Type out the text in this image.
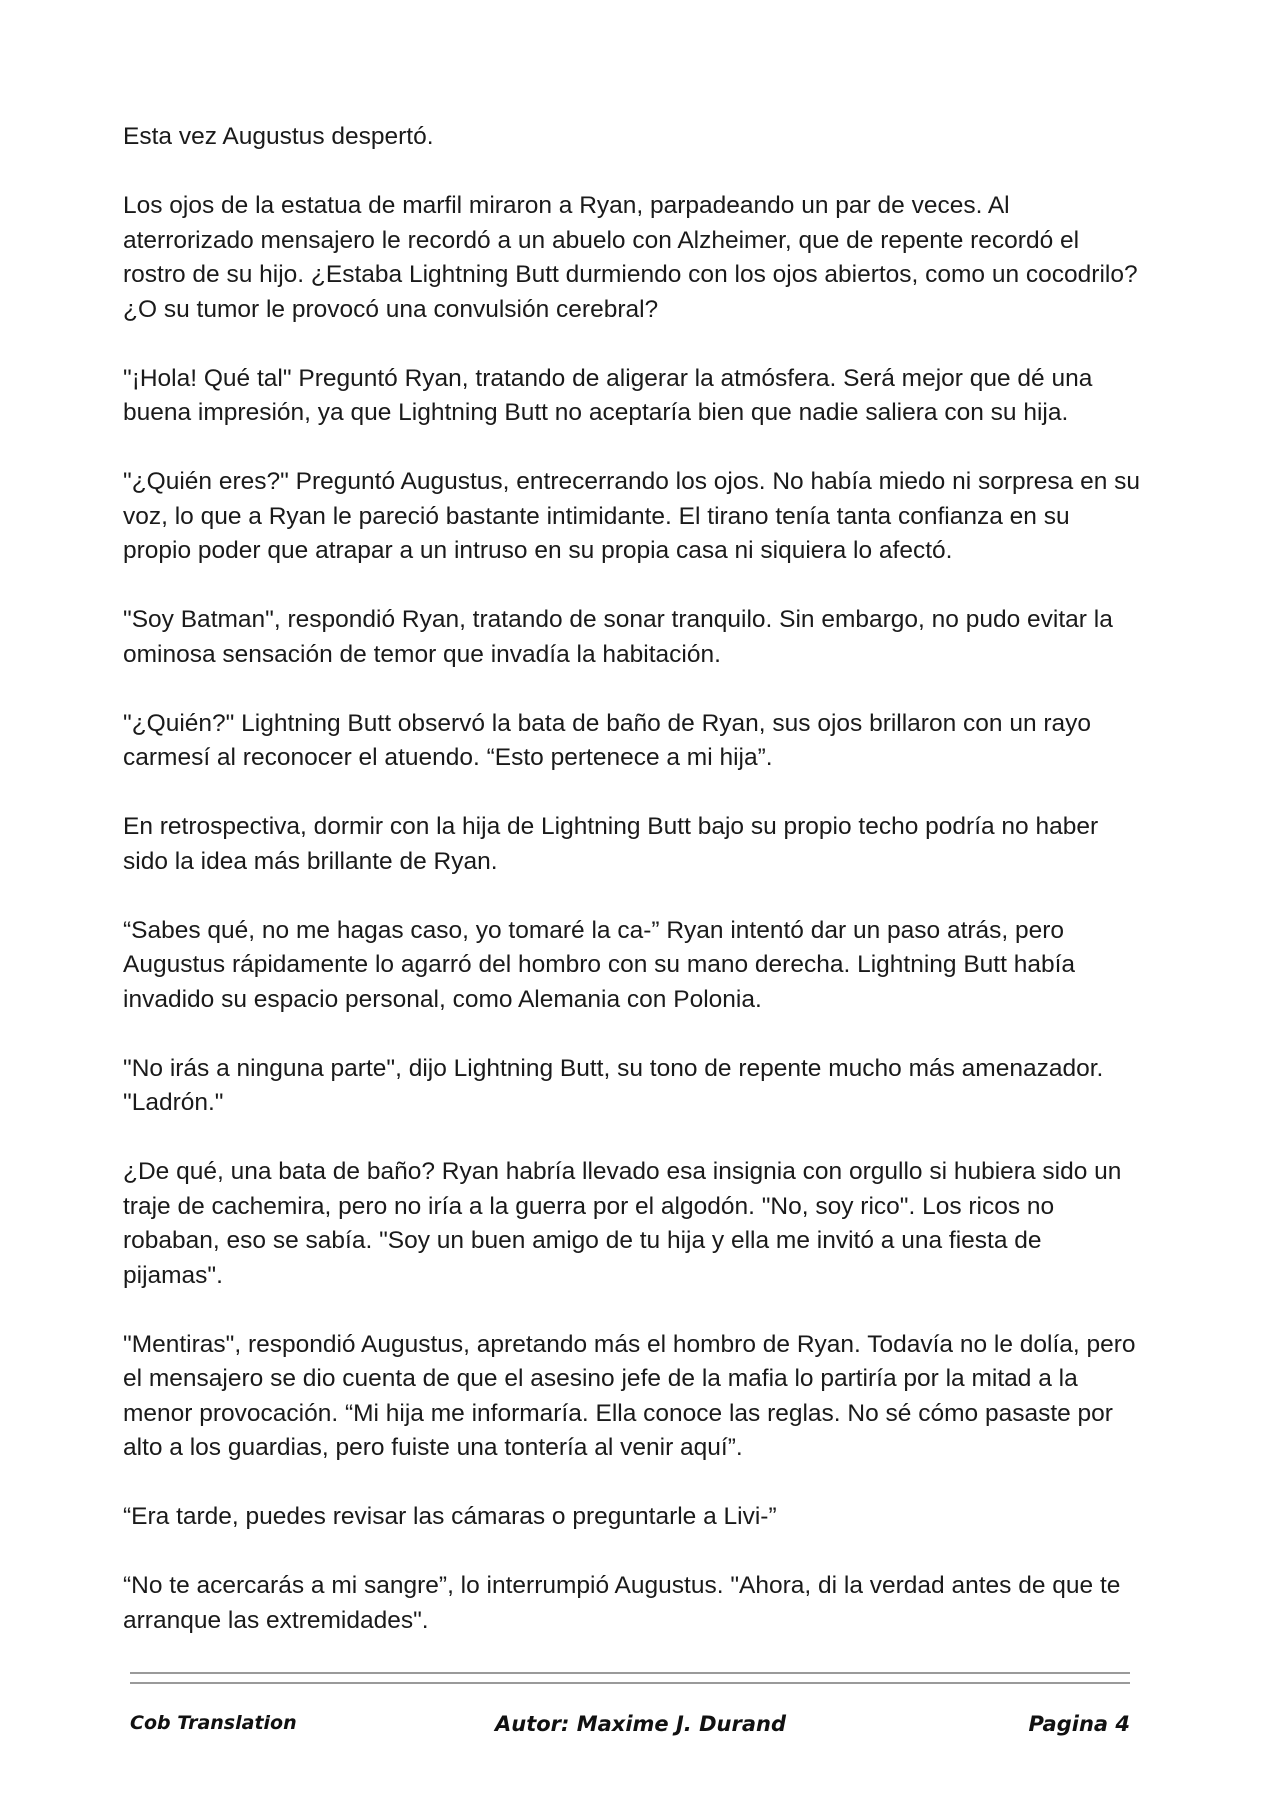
Esta vez Augustus despertó.

Los ojos de la estatua de marfil miraron a Ryan, parpadeando un par de veces. Al aterrorizado mensajero le recordó a un abuelo con Alzheimer, que de repente recordó el rostro de su hijo. ¿Estaba Lightning Butt durmiendo con los ojos abiertos, como un cocodrilo? ¿O su tumor le provocó una convulsión cerebral?

"¡Hola! Qué tal" Preguntó Ryan, tratando de aligerar la atmósfera. Será mejor que dé una buena impresión, ya que Lightning Butt no aceptaría bien que nadie saliera con su hija.

"¿Quién eres?" Preguntó Augustus, entrecerrando los ojos. No había miedo ni sorpresa en su voz, lo que a Ryan le pareció bastante intimidante. El tirano tenía tanta confianza en su propio poder que atrapar a un intruso en su propia casa ni siquiera lo afectó.

"Soy Batman", respondió Ryan, tratando de sonar tranquilo. Sin embargo, no pudo evitar la ominosa sensación de temor que invadía la habitación.

"¿Quién?" Lightning Butt observó la bata de baño de Ryan, sus ojos brillaron con un rayo carmesí al reconocer el atuendo. “Esto pertenece a mi hija”.

En retrospectiva, dormir con la hija de Lightning Butt bajo su propio techo podría no haber sido la idea más brillante de Ryan.

“Sabes qué, no me hagas caso, yo tomaré la ca-” Ryan intentó dar un paso atrás, pero Augustus rápidamente lo agarró del hombro con su mano derecha. Lightning Butt había invadido su espacio personal, como Alemania con Polonia.

"No irás a ninguna parte", dijo Lightning Butt, su tono de repente mucho más amenazador. "Ladrón."

¿De qué, una bata de baño? Ryan habría llevado esa insignia con orgullo si hubiera sido un traje de cachemira, pero no iría a la guerra por el algodón. "No, soy rico". Los ricos no robaban, eso se sabía. "Soy un buen amigo de tu hija y ella me invitó a una fiesta de pijamas".

"Mentiras", respondió Augustus, apretando más el hombro de Ryan. Todavía no le dolía, pero el mensajero se dio cuenta de que el asesino jefe de la mafia lo partiría por la mitad a la menor provocación. “Mi hija me informaría. Ella conoce las reglas. No sé cómo pasaste por alto a los guardias, pero fuiste una tontería al venir aquí”.

“Era tarde, puedes revisar las cámaras o preguntarle a Livi-”

“No te acercarás a mi sangre”, lo interrumpió Augustus. "Ahora, di la verdad antes de que te arranque las extremidades".

Cob Translation	Autor: Maxime J. Durand	Pagina 4
